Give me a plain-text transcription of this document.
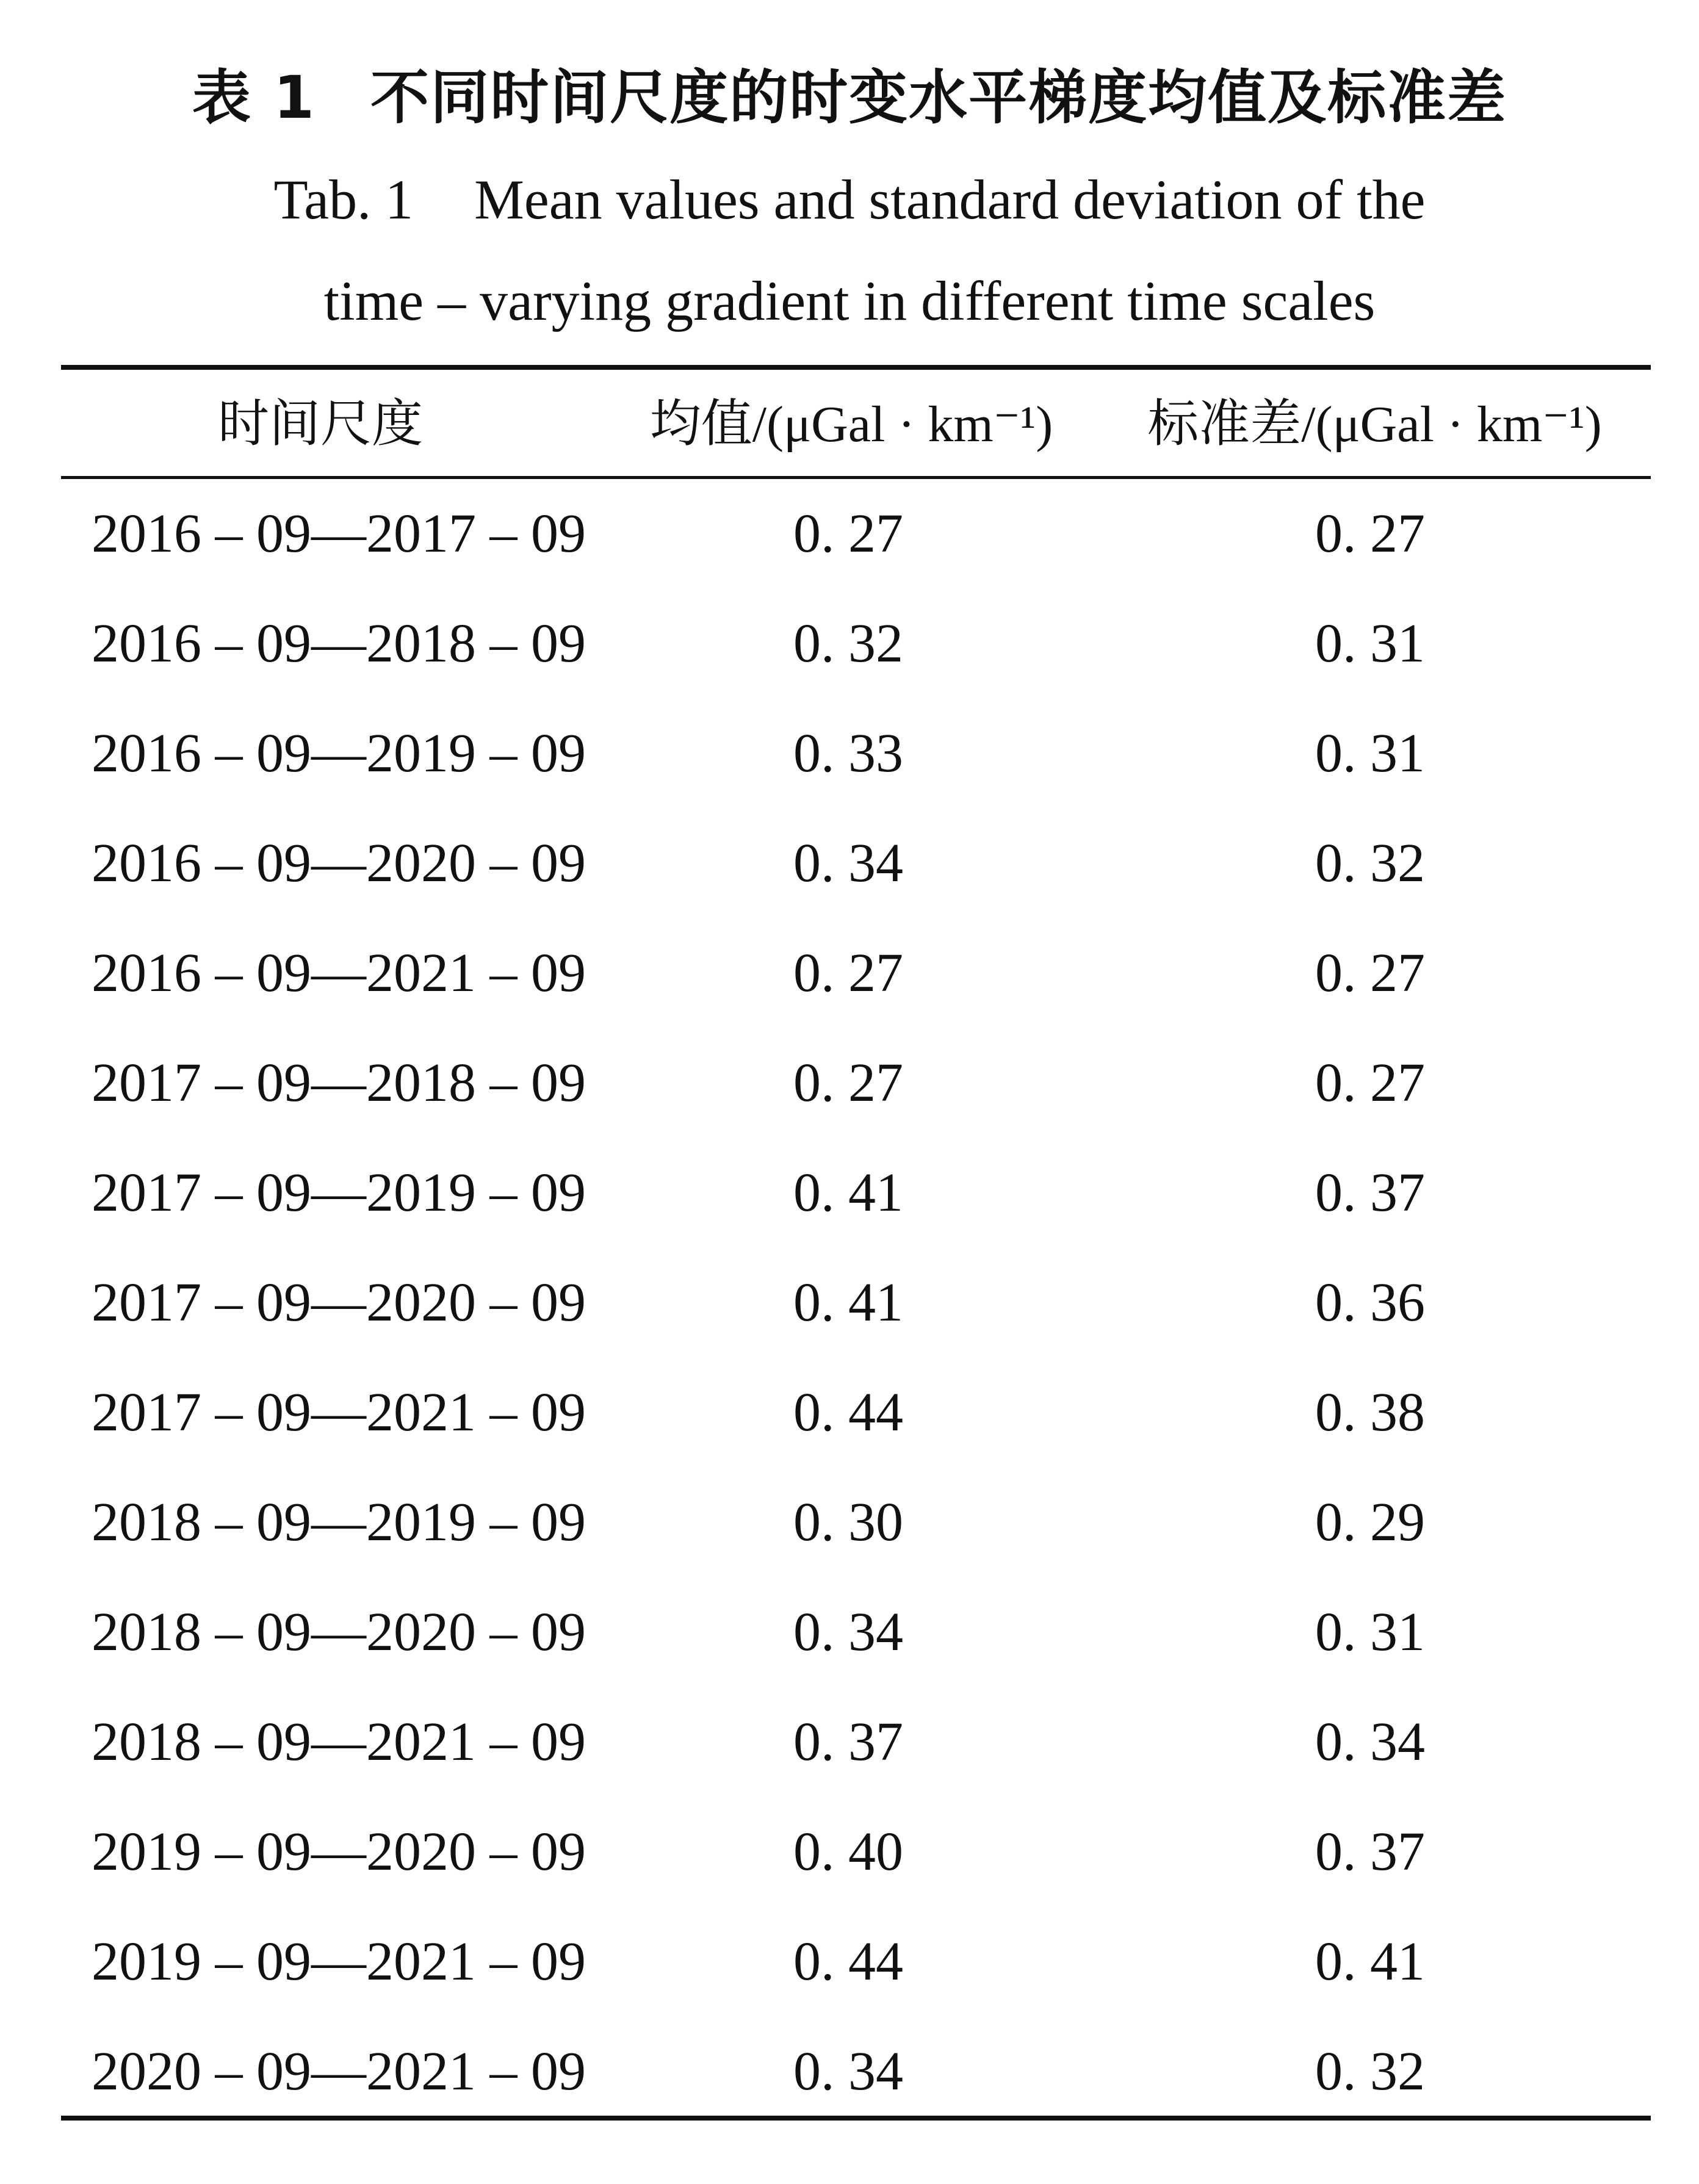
表 1 不同时间尺度的时变水平梯度均值及标准差
Tab. 1 Mean values and standard deviation of the
time – varying gradient in different time scales
时间尺度	均值/(μGal · km⁻¹)	标准差/(μGal · km⁻¹)
2016 – 09—2017 – 09	0. 27	0. 27
2016 – 09—2018 – 09	0. 32	0. 31
2016 – 09—2019 – 09	0. 33	0. 31
2016 – 09—2020 – 09	0. 34	0. 32
2016 – 09—2021 – 09	0. 27	0. 27
2017 – 09—2018 – 09	0. 27	0. 27
2017 – 09—2019 – 09	0. 41	0. 37
2017 – 09—2020 – 09	0. 41	0. 36
2017 – 09—2021 – 09	0. 44	0. 38
2018 – 09—2019 – 09	0. 30	0. 29
2018 – 09—2020 – 09	0. 34	0. 31
2018 – 09—2021 – 09	0. 37	0. 34
2019 – 09—2020 – 09	0. 40	0. 37
2019 – 09—2021 – 09	0. 44	0. 41
2020 – 09—2021 – 09	0. 34	0. 32
